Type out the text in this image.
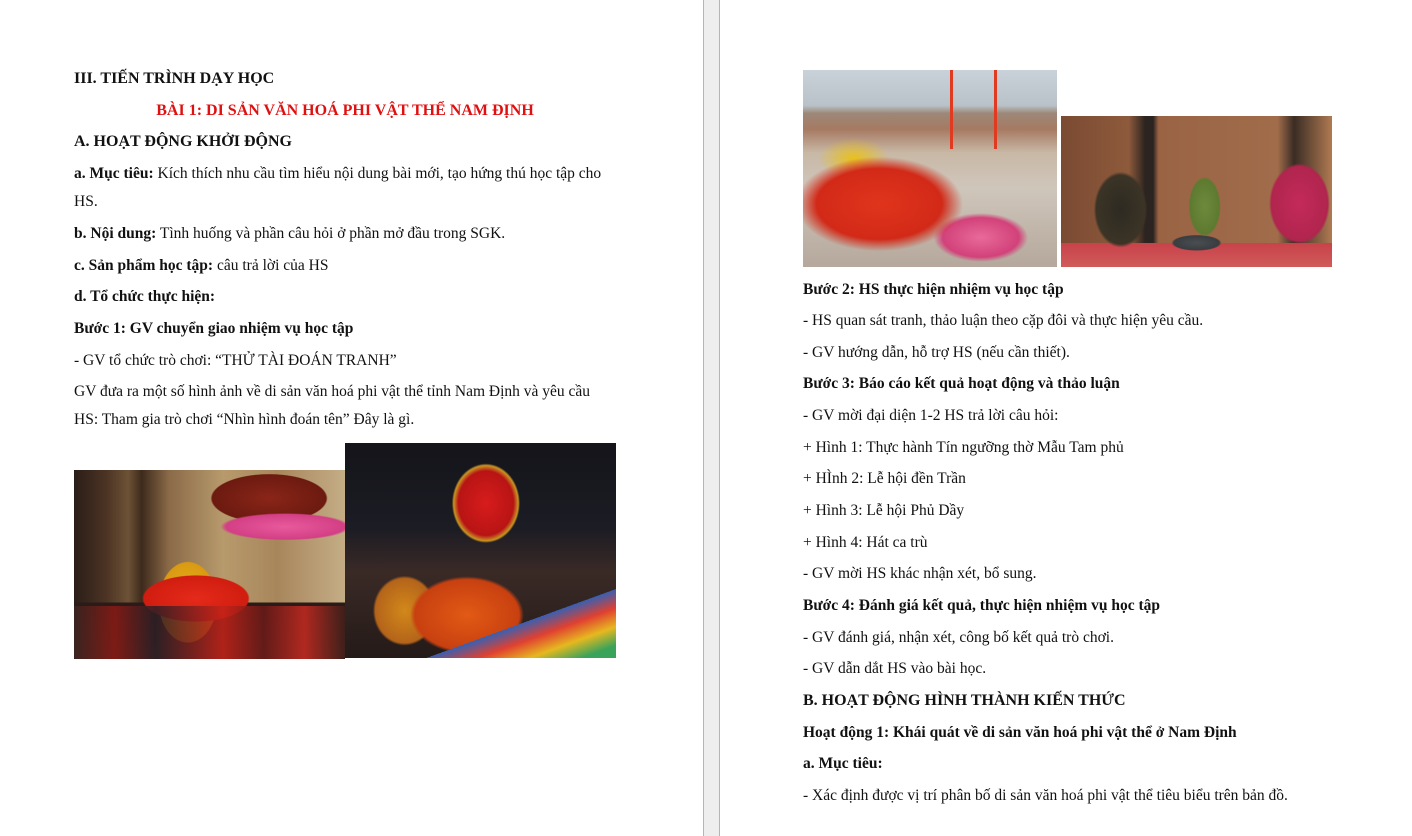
III. TIẾN TRÌNH DẠY HỌC
BÀI 1: DI SẢN VĂN HOÁ PHI VẬT THỂ NAM ĐỊNH
A. HOẠT ĐỘNG KHỞI ĐỘNG
a. Mục tiêu: Kích thích nhu cầu tìm hiểu nội dung bài mới, tạo hứng thú học tập cho
HS.
b. Nội dung: Tình huống và phần câu hỏi ở phần mở đầu trong SGK.
c. Sản phẩm học tập: câu trả lời của HS
d. Tổ chức thực hiện:
Bước 1: GV chuyển giao nhiệm vụ học tập
- GV tổ chức trò chơi: “THỬ TÀI ĐOÁN TRANH”
GV đưa ra một số hình ảnh về di sản văn hoá phi vật thể tỉnh Nam Định và yêu cầu
HS: Tham gia trò chơi “Nhìn hình đoán tên” Đây là gì.
Bước 2: HS thực hiện nhiệm vụ học tập
- HS quan sát tranh, thảo luận theo cặp đôi và thực hiện yêu cầu.
- GV hướng dẫn, hỗ trợ HS (nếu cần thiết).
Bước 3: Báo cáo kết quả hoạt động và thảo luận
- GV mời đại diện 1-2 HS trả lời câu hỏi:
+ Hình 1: Thực hành Tín ngưỡng thờ Mẫu Tam phủ
+ HÌnh 2: Lễ hội đền Trần
+ Hình 3: Lễ hội Phủ Dầy
+ Hình 4: Hát ca trù
- GV mời HS khác nhận xét, bổ sung.
Bước 4: Đánh giá kết quả, thực hiện nhiệm vụ học tập
- GV đánh giá, nhận xét, công bố kết quả trò chơi.
- GV dẫn dắt HS vào bài học.
B. HOẠT ĐỘNG HÌNH THÀNH KIẾN THỨC
Hoạt động 1: Khái quát về di sản văn hoá phi vật thể ở Nam Định
a. Mục tiêu:
- Xác định được vị trí phân bố di sản văn hoá phi vật thể tiêu biểu trên bản đồ.
